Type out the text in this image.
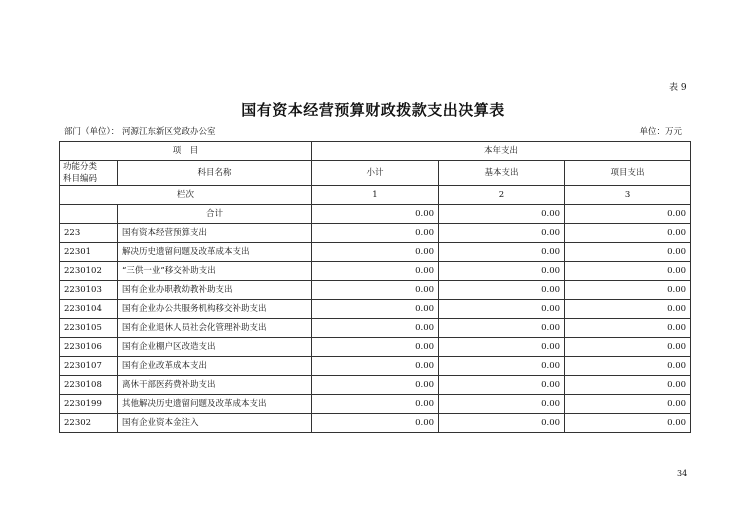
表 9
国有资本经营预算财政拨款支出决算表
部门（单位）： 河源江东新区党政办公室	单位：万元
项　目		本年支出		

功能分类
科目编码	科目名称	小计	基本支出	项目支出
栏次		1	2	3
	合计	0.00	0.00	0.00
223	国有资本经营预算支出	0.00	0.00	0.00
22301	解决历史遗留问题及改革成本支出	0.00	0.00	0.00
2230102	“三供一业”移交补助支出	0.00	0.00	0.00
2230103	国有企业办职教幼教补助支出	0.00	0.00	0.00
2230104	国有企业办公共服务机构移交补助支出	0.00	0.00	0.00
2230105	国有企业退休人员社会化管理补助支出	0.00	0.00	0.00
2230106	国有企业棚户区改造支出	0.00	0.00	0.00
2230107	国有企业改革成本支出	0.00	0.00	0.00
2230108	离休干部医药费补助支出	0.00	0.00	0.00
2230199	其他解决历史遗留问题及改革成本支出	0.00	0.00	0.00
22302	国有企业资本金注入	0.00	0.00	0.00
34
